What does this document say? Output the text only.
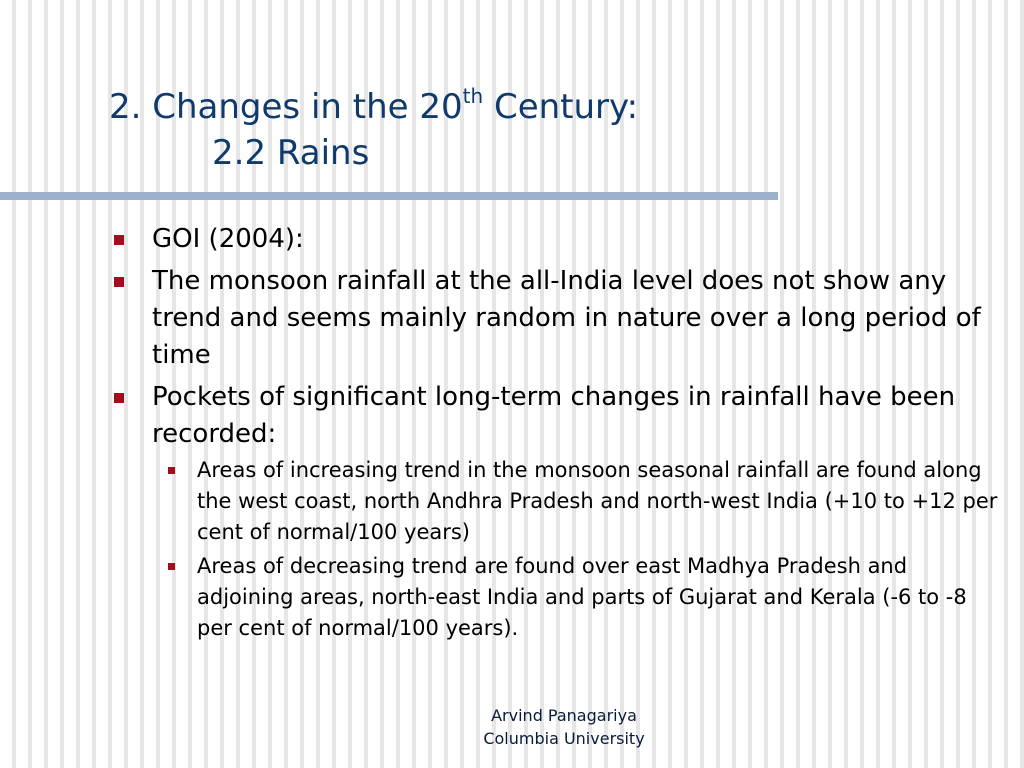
2. Changes in the 20th Century:
2.2 Rains
GOI (2004):
The monsoon rainfall at the all-India level does not show any trend and seems mainly random in nature over a long period of time
Pockets of significant long-term changes in rainfall have been recorded:
Areas of increasing trend in the monsoon seasonal rainfall are found along the west coast, north Andhra Pradesh and north-west India (+10 to +12 per cent of normal/100 years)
Areas of decreasing trend are found over east Madhya Pradesh and adjoining areas, north-east India and parts of Gujarat and Kerala (-6 to -8 per cent of normal/100 years).
Arvind Panagariya
Columbia University
